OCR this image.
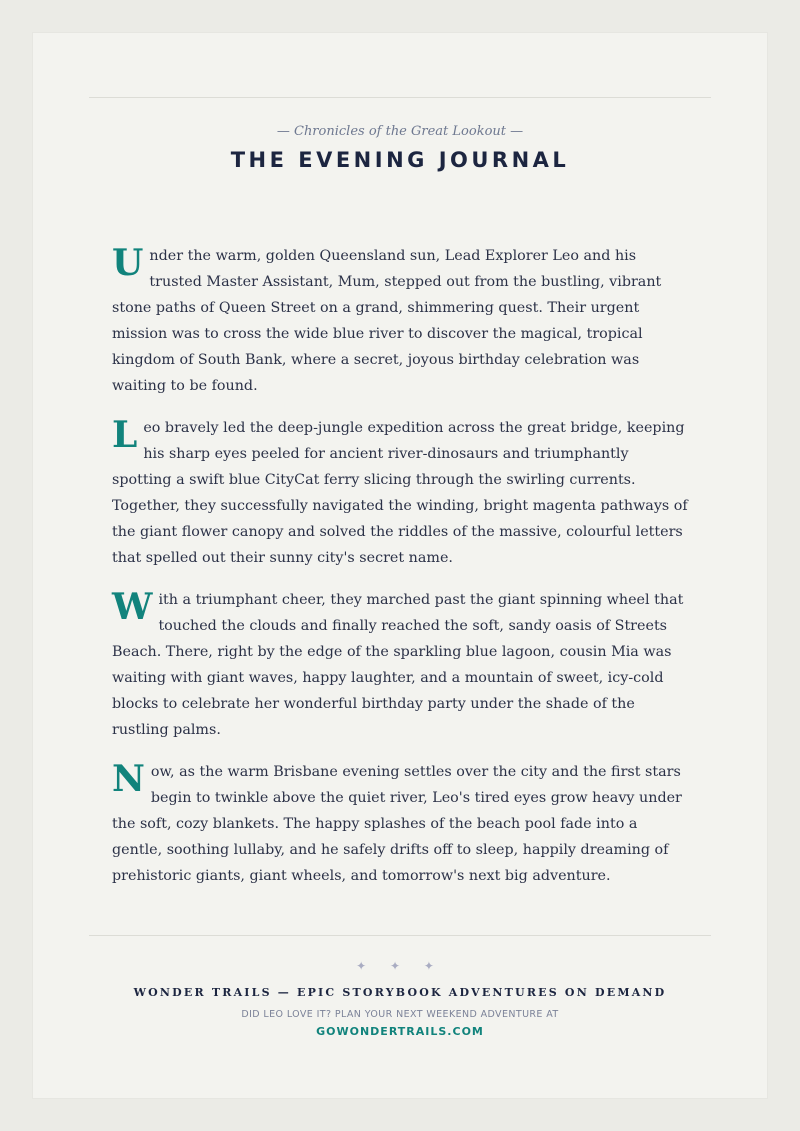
— Chronicles of the Great Lookout —
THE EVENING JOURNAL

Under the warm, golden Queensland sun, Lead Explorer Leo and his trusted Master Assistant, Mum, stepped out from the bustling, vibrant stone paths of Queen Street on a grand, shimmering quest. Their urgent mission was to cross the wide blue river to discover the magical, tropical kingdom of South Bank, where a secret, joyous birthday celebration was waiting to be found.

Leo bravely led the deep-jungle expedition across the great bridge, keeping his sharp eyes peeled for ancient river-dinosaurs and triumphantly spotting a swift blue CityCat ferry slicing through the swirling currents. Together, they successfully navigated the winding, bright magenta pathways of the giant flower canopy and solved the riddles of the massive, colourful letters that spelled out their sunny city's secret name.

With a triumphant cheer, they marched past the giant spinning wheel that touched the clouds and finally reached the soft, sandy oasis of Streets Beach. There, right by the edge of the sparkling blue lagoon, cousin Mia was waiting with giant waves, happy laughter, and a mountain of sweet, icy-cold blocks to celebrate her wonderful birthday party under the shade of the rustling palms.

Now, as the warm Brisbane evening settles over the city and the first stars begin to twinkle above the quiet river, Leo's tired eyes grow heavy under the soft, cozy blankets. The happy splashes of the beach pool fade into a gentle, soothing lullaby, and he safely drifts off to sleep, happily dreaming of prehistoric giants, giant wheels, and tomorrow's next big adventure.

✦ ✦ ✦
WONDER TRAILS — EPIC STORYBOOK ADVENTURES ON DEMAND
DID LEO LOVE IT? PLAN YOUR NEXT WEEKEND ADVENTURE AT
GOWONDERTRAILS.COM
